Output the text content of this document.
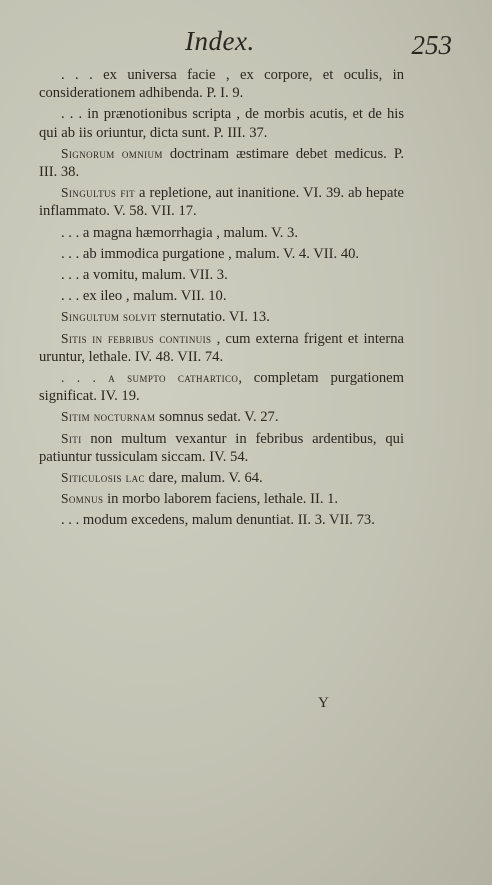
Index.	253

. . . ex universa facie , ex corpore, et oculis, in considerationem adhibenda. P. I. 9.

. . . in prænotionibus scripta , de morbis acutis, et de his qui ab iis oriuntur, dicta sunt. P. III. 37.

Signorum omnium doctrinam æstimare debet medicus. P. III. 38.

Singultus fit a repletione, aut inanitione. VI. 39. ab hepate inflammato. V. 58. VII. 17.

. . . a magna hæmorrhagia , malum. V. 3.

. . . ab immodica purgatione , malum. V. 4. VII. 40.

. . . a vomitu, malum. VII. 3.

. . . ex ileo , malum. VII. 10.

Singultum solvit sternutatio. VI. 13.

Sitis in febribus continuis , cum externa frigent et interna uruntur, lethale. IV. 48. VII. 74.

. . . a sumpto cathartico, completam purgationem significat. IV. 19.

Sitim nocturnam somnus sedat. V. 27.

Siti non multum vexantur in febribus ardentibus, qui patiuntur tussiculam siccam. IV. 54.

Siticulosis lac dare, malum. V. 64.

Somnus in morbo laborem faciens, lethale. II. 1.

. . . modum excedens, malum denuntiat. II. 3. VII. 73.

Y
